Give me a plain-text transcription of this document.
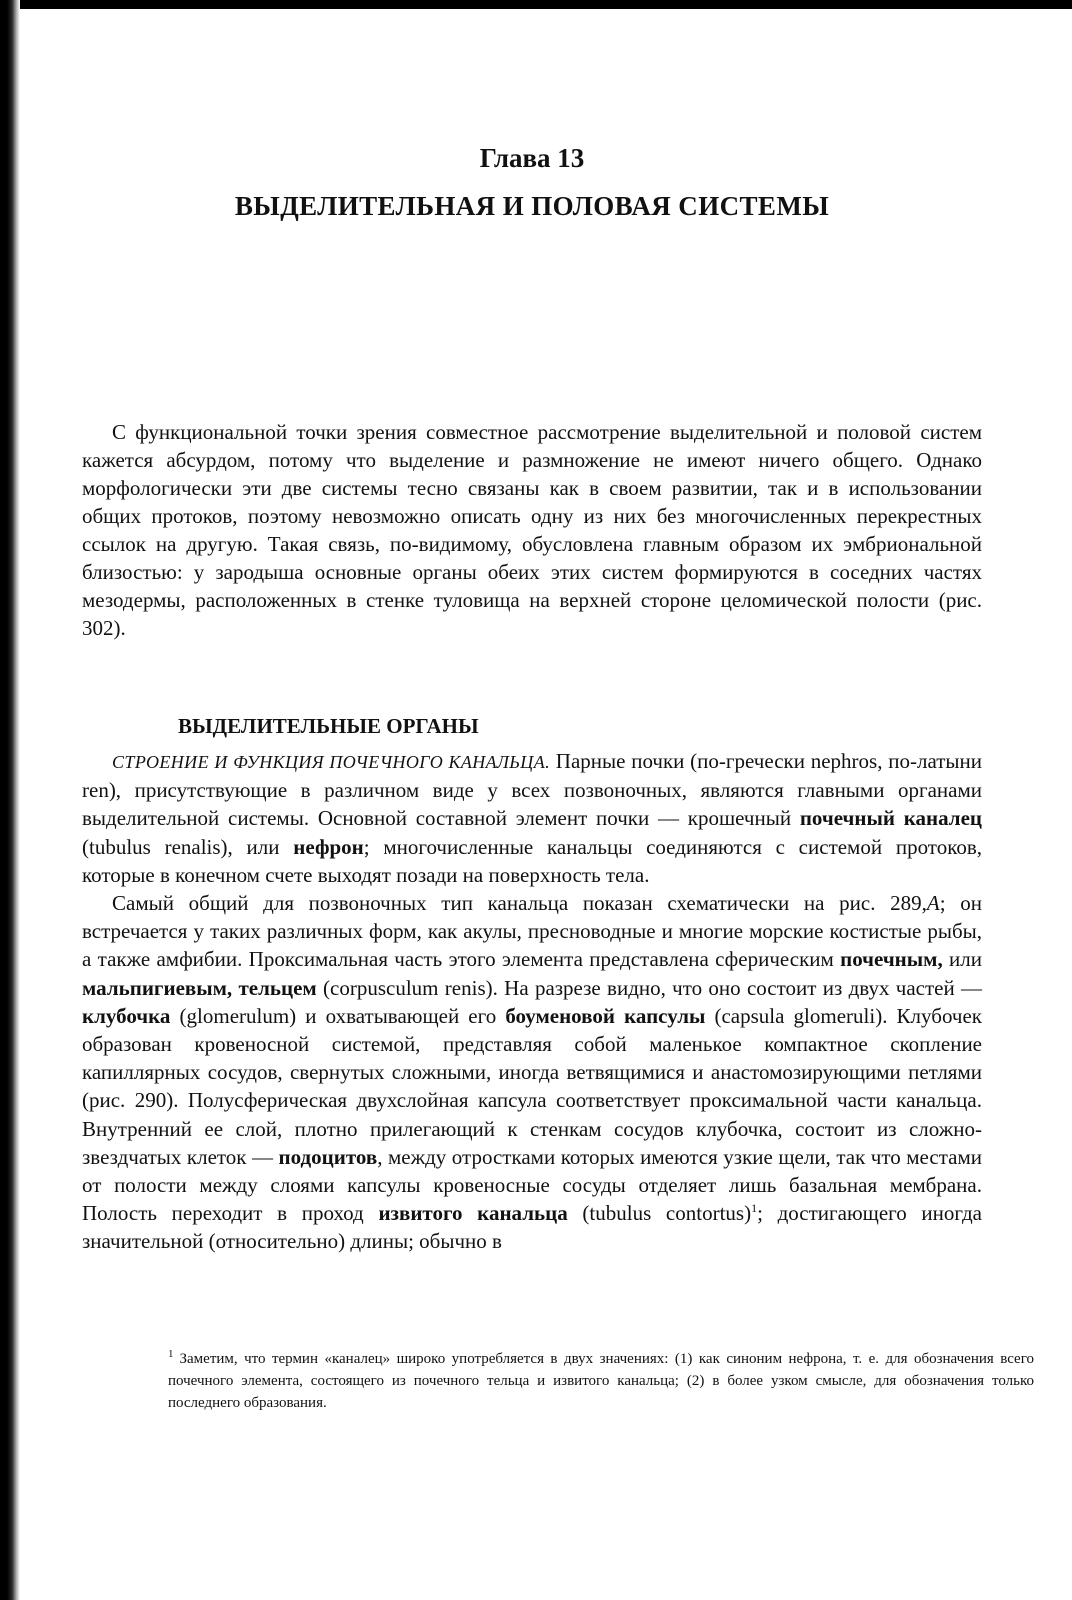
Глава 13
ВЫДЕЛИТЕЛЬНАЯ И ПОЛОВАЯ СИСТЕМЫ

С функциональной точки зрения совместное рассмотрение выделительной и половой систем кажется абсурдом, потому что выделение и размножение не имеют ничего общего. Однако морфологически эти две системы тесно связаны как в своем развитии, так и в использовании общих протоков, поэтому невозможно описать одну из них без многочисленных перекрестных ссылок на другую. Такая связь, по-видимому, обусловлена главным образом их эмбриональной близостью: у зародыша основные органы обеих этих систем формируются в соседних частях мезодермы, расположенных в стенке туловища на верхней стороне целомической полости (рис. 302).

ВЫДЕЛИТЕЛЬНЫЕ ОРГАНЫ

СТРОЕНИЕ И ФУНКЦИЯ ПОЧЕЧНОГО КАНАЛЬЦА. Парные почки (по-гречески nephros, по-латыни ren), присутствующие в различном виде у всех позвоночных, являются главными органами выделительной системы. Основной составной элемент почки — крошечный почечный каналец (tubulus renalis), или нефрон; многочисленные канальцы соединяются с системой протоков, которые в конечном счете выходят позади на поверхность тела.

Самый общий для позвоночных тип канальца показан схематически на рис. 289,А; он встречается у таких различных форм, как акулы, пресноводные и многие морские костистые рыбы, а также амфибии. Проксимальная часть этого элемента представлена сферическим почечным, или мальпигиевым, тельцем (corpusculum renis). На разрезе видно, что оно состоит из двух частей — клубочка (glomerulum) и охватывающей его боуменовой капсулы (capsula glomeruli). Клубочек образован кровеносной системой, представляя собой маленькое компактное скопление капиллярных сосудов, свернутых сложными, иногда ветвящимися и анастомозирующими петлями (рис. 290). Полусферическая двухслойная капсула соответствует проксимальной части канальца. Внутренний ее слой, плотно прилегающий к стенкам сосудов клубочка, состоит из сложно-звездчатых клеток — подоцитов, между отростками которых имеются узкие щели, так что местами от полости между слоями капсулы кровеносные сосуды отделяет лишь базальная мембрана. Полость переходит в проход извитого канальца (tubulus contortus)$^1$; достигающего иногда значительной (относительно) длины; обычно в

$^1$ Заметим, что термин «каналец» широко употребляется в двух значениях: (1) как синоним нефрона, т. е. для обозначения всего почечного элемента, состоящего из почечного тельца и извитого канальца; (2) в более узком смысле, для обозначения только последнего образования.
